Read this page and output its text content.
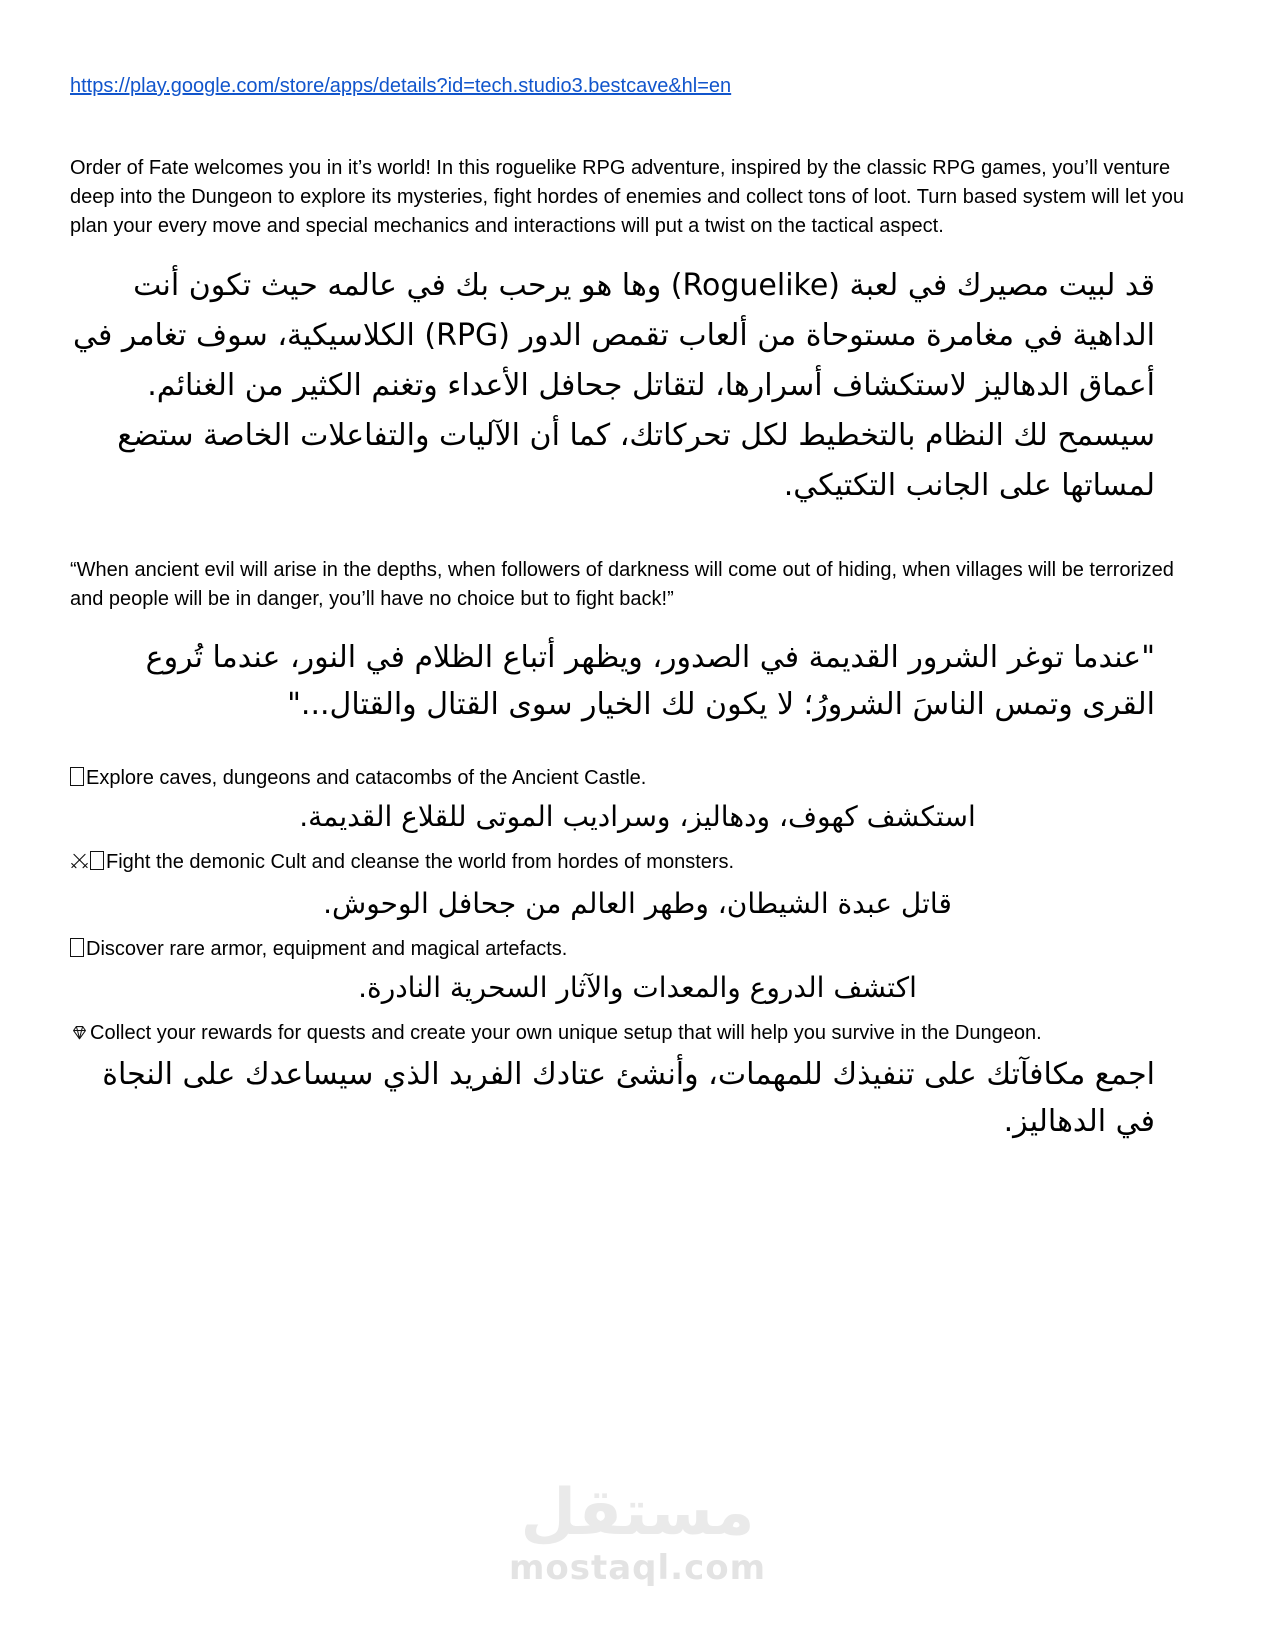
https://play.google.com/store/apps/details?id=tech.studio3.bestcave&hl=en

Order of Fate welcomes you in it’s world! In this roguelike RPG adventure, inspired by the classic RPG games, you’ll venture deep into the Dungeon to explore its mysteries, fight hordes of enemies and collect tons of loot. Turn based system will let you plan your every move and special mechanics and interactions will put a twist on the tactical aspect.

قد لبيت مصيرك في لعبة (Roguelike) وها هو يرحب بك في عالمه حيث تكون أنت الداهية في مغامرة مستوحاة من ألعاب تقمص الدور (RPG) الكلاسيكية، سوف تغامر في أعماق الدهاليز لاستكشاف أسرارها، لتقاتل جحافل الأعداء وتغنم الكثير من الغنائم. سيسمح لك النظام بالتخطيط لكل تحركاتك، كما أن الآليات والتفاعلات الخاصة ستضع لمساتها على الجانب التكتيكي.

“When ancient evil will arise in the depths, when followers of darkness will come out of hiding, when villages will be terrorized and people will be in danger, you’ll have no choice but to fight back!”

"عندما توغر الشرور القديمة في الصدور، ويظهر أتباع الظلام في النور، عندما تُروع القرى وتمس الناسَ الشرورُ؛ لا يكون لك الخيار سوى القتال والقتال..."

Explore caves, dungeons and catacombs of the Ancient Castle.
استكشف كهوف، ودهاليز، وسراديب الموتى للقلاع القديمة.
Fight the demonic Cult and cleanse the world from hordes of monsters.
قاتل عبدة الشيطان، وطهر العالم من جحافل الوحوش.
Discover rare armor, equipment and magical artefacts.
اكتشف الدروع والمعدات والآثار السحرية النادرة.
Collect your rewards for quests and create your own unique setup that will help you survive in the Dungeon.
اجمع مكافآتك على تنفيذك للمهمات، وأنشئ عتادك الفريد الذي سيساعدك على النجاة في الدهاليز.
مستقل
mostaql.com
